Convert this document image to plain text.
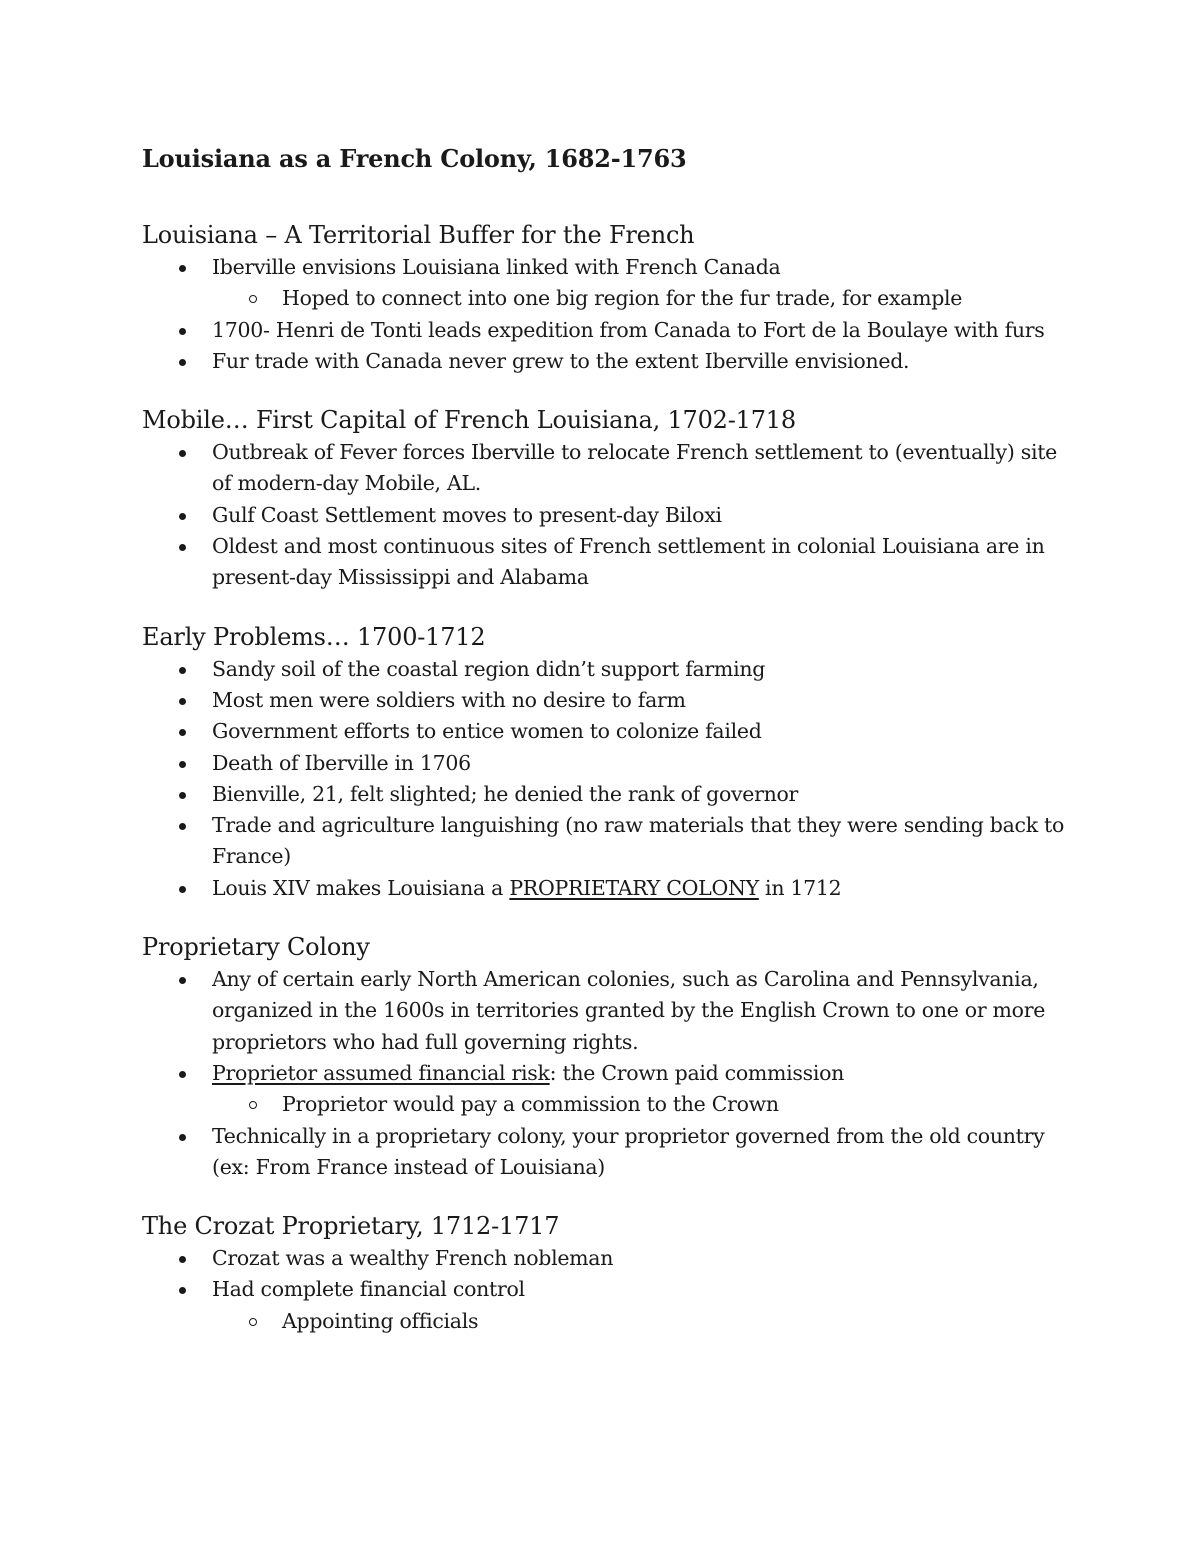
Louisiana as a French Colony, 1682-1763
Louisiana – A Territorial Buffer for the French
Iberville envisions Louisiana linked with French Canada
Hoped to connect into one big region for the fur trade, for example
1700- Henri de Tonti leads expedition from Canada to Fort de la Boulaye with furs
Fur trade with Canada never grew to the extent Iberville envisioned.
Mobile… First Capital of French Louisiana, 1702-1718
Outbreak of Fever forces Iberville to relocate French settlement to (eventually) site of modern-day Mobile, AL.
Gulf Coast Settlement moves to present-day Biloxi
Oldest and most continuous sites of French settlement in colonial Louisiana are in present-day Mississippi and Alabama
Early Problems… 1700-1712
Sandy soil of the coastal region didn’t support farming
Most men were soldiers with no desire to farm
Government efforts to entice women to colonize failed
Death of Iberville in 1706
Bienville, 21, felt slighted; he denied the rank of governor
Trade and agriculture languishing (no raw materials that they were sending back to France)
Louis XIV makes Louisiana a PROPRIETARY COLONY in 1712
Proprietary Colony
Any of certain early North American colonies, such as Carolina and Pennsylvania, organized in the 1600s in territories granted by the English Crown to one or more proprietors who had full governing rights.
Proprietor assumed financial risk: the Crown paid commission
Proprietor would pay a commission to the Crown
Technically in a proprietary colony, your proprietor governed from the old country (ex: From France instead of Louisiana)
The Crozat Proprietary, 1712-1717
Crozat was a wealthy French nobleman
Had complete financial control
Appointing officials
